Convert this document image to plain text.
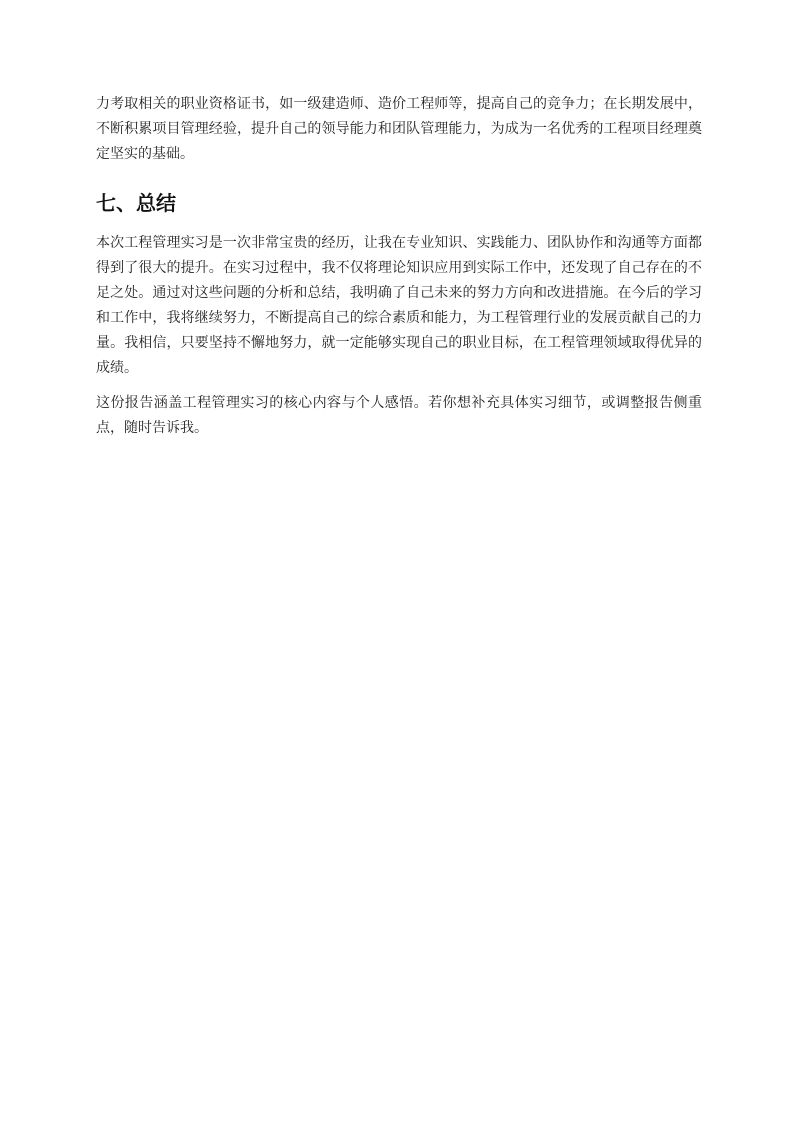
力考取相关的职业资格证书，如一级建造师、造价工程师等，提高自己的竞争力；在长期发展中，不断积累项目管理经验，提升自己的领导能力和团队管理能力，为成为一名优秀的工程项目经理奠定坚实的基础。

七、总结

本次工程管理实习是一次非常宝贵的经历，让我在专业知识、实践能力、团队协作和沟通等方面都得到了很大的提升。在实习过程中，我不仅将理论知识应用到实际工作中，还发现了自己存在的不足之处。通过对这些问题的分析和总结，我明确了自己未来的努力方向和改进措施。在今后的学习和工作中，我将继续努力，不断提高自己的综合素质和能力，为工程管理行业的发展贡献自己的力量。我相信，只要坚持不懈地努力，就一定能够实现自己的职业目标，在工程管理领域取得优异的成绩。

这份报告涵盖工程管理实习的核心内容与个人感悟。若你想补充具体实习细节，或调整报告侧重点，随时告诉我。
